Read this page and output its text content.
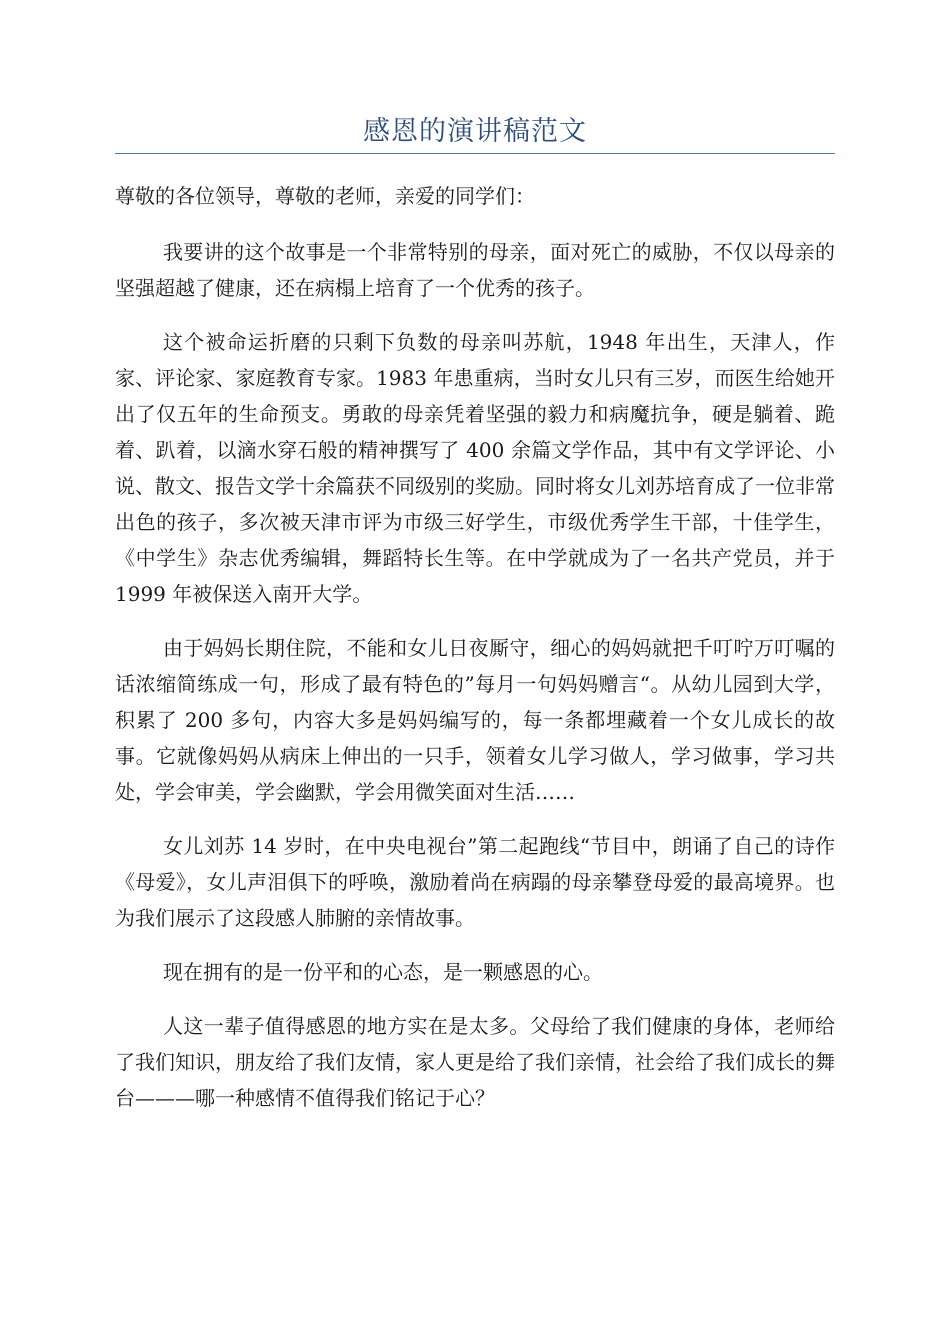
感恩的演讲稿范文

尊敬的各位领导，尊敬的老师，亲爱的同学们：

我要讲的这个故事是一个非常特别的母亲，面对死亡的威胁，不仅以母亲的坚强超越了健康，还在病榻上培育了一个优秀的孩子。

这个被命运折磨的只剩下负数的母亲叫苏航，1948 年出生，天津人，作家、评论家、家庭教育专家。1983 年患重病，当时女儿只有三岁，而医生给她开出了仅五年的生命预支。勇敢的母亲凭着坚强的毅力和病魔抗争，硬是躺着、跪着、趴着，以滴水穿石般的精神撰写了 400 余篇文学作品，其中有文学评论、小说、散文、报告文学十余篇获不同级别的奖励。同时将女儿刘苏培育成了一位非常出色的孩子，多次被天津市评为市级三好学生，市级优秀学生干部，十佳学生，《中学生》杂志优秀编辑，舞蹈特长生等。在中学就成为了一名共产党员，并于 1999 年被保送入南开大学。

由于妈妈长期住院，不能和女儿日夜厮守，细心的妈妈就把千叮咛万叮嘱的话浓缩简练成一句，形成了最有特色的”每月一句妈妈赠言“。从幼儿园到大学，积累了 200 多句，内容大多是妈妈编写的，每一条都埋藏着一个女儿成长的故事。它就像妈妈从病床上伸出的一只手，领着女儿学习做人，学习做事，学习共处，学会审美，学会幽默，学会用微笑面对生活……

女儿刘苏 14 岁时，在中央电视台”第二起跑线“节目中，朗诵了自己的诗作《母爱》，女儿声泪俱下的呼唤，激励着尚在病蹋的母亲攀登母爱的最高境界。也为我们展示了这段感人肺腑的亲情故事。

现在拥有的是一份平和的心态，是一颗感恩的心。

人这一辈子值得感恩的地方实在是太多。父母给了我们健康的身体，老师给了我们知识，朋友给了我们友情，家人更是给了我们亲情，社会给了我们成长的舞台———哪一种感情不值得我们铭记于心？
